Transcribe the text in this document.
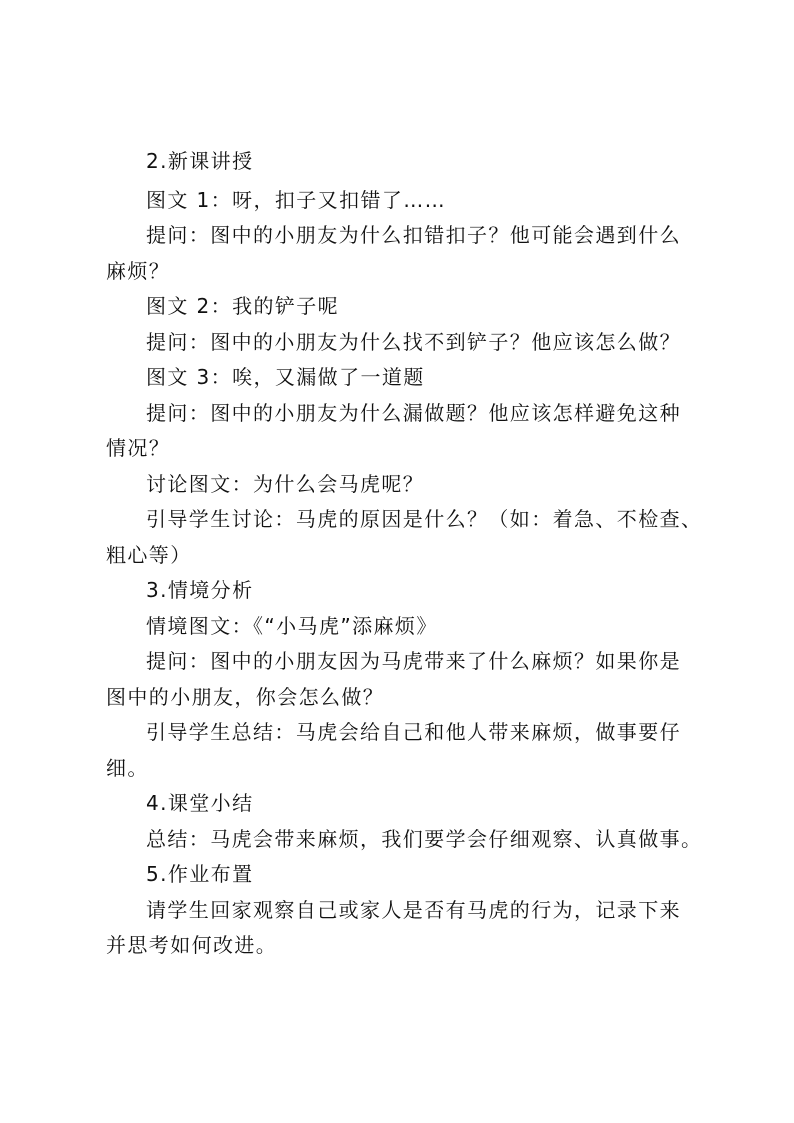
2.新课讲授
图文 1：呀，扣子又扣错了……
提问：图中的小朋友为什么扣错扣子？他可能会遇到什么
麻烦？
图文 2：我的铲子呢
提问：图中的小朋友为什么找不到铲子？他应该怎么做？
图文 3：唉，又漏做了一道题
提问：图中的小朋友为什么漏做题？他应该怎样避免这种
情况？
讨论图文：为什么会马虎呢？
引导学生讨论：马虎的原因是什么？（如：着急、不检查、
粗心等）
3.情境分析
情境图文：《“小马虎”添麻烦》
提问：图中的小朋友因为马虎带来了什么麻烦？如果你是
图中的小朋友，你会怎么做？
引导学生总结：马虎会给自己和他人带来麻烦，做事要仔
细。
4.课堂小结
总结：马虎会带来麻烦，我们要学会仔细观察、认真做事。
5.作业布置
请学生回家观察自己或家人是否有马虎的行为，记录下来
并思考如何改进。
